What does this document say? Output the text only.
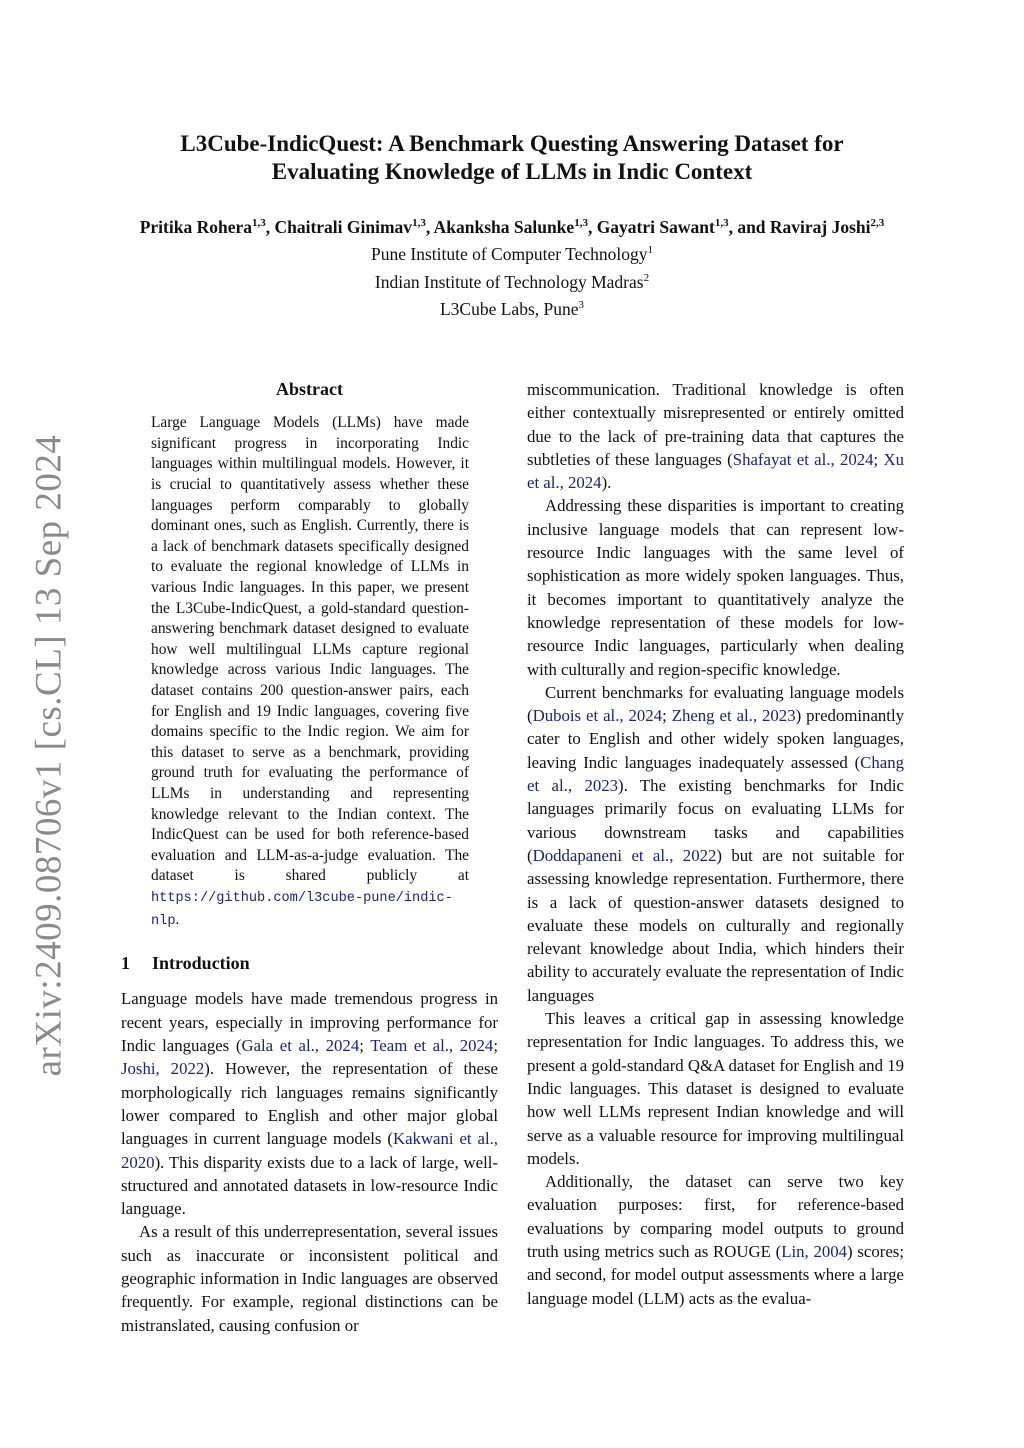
arXiv:2409.08706v1 [cs.CL] 13 Sep 2024
L3Cube-IndicQuest: A Benchmark Questing Answering Dataset for
Evaluating Knowledge of LLMs in Indic Context
Pritika Rohera$^{1,3}$, Chaitrali Ginimav$^{1,3}$, Akanksha Salunke$^{1,3}$, Gayatri Sawant$^{1,3}$, and Raviraj Joshi$^{2,3}$
Pune Institute of Computer Technology$^1$
Indian Institute of Technology Madras$^2$
L3Cube Labs, Pune$^3$
Abstract

Large Language Models (LLMs) have made significant progress in incorporating Indic languages within multilingual models. However, it is crucial to quantitatively assess whether these languages perform comparably to globally dominant ones, such as English. Currently, there is a lack of benchmark datasets specifically designed to evaluate the regional knowledge of LLMs in various Indic languages. In this paper, we present the L3Cube-IndicQuest, a gold-standard question-answering benchmark dataset designed to evaluate how well multilingual LLMs capture regional knowledge across various Indic languages. The dataset contains 200 question-answer pairs, each for English and 19 Indic languages, covering five domains specific to the Indic region. We aim for this dataset to serve as a benchmark, providing ground truth for evaluating the performance of LLMs in understanding and representing knowledge relevant to the Indian context. The IndicQuest can be used for both reference-based evaluation and LLM-as-a-judge evaluation. The dataset is shared publicly at https://github.com/l3cube-pune/indic-nlp.

1 Introduction

Language models have made tremendous progress in recent years, especially in improving performance for Indic languages (Gala et al., 2024; Team et al., 2024; Joshi, 2022). However, the representation of these morphologically rich languages remains significantly lower compared to English and other major global languages in current language models (Kakwani et al., 2020). This disparity exists due to a lack of large, well-structured and annotated datasets in low-resource Indic language.

As a result of this underrepresentation, several issues such as inaccurate or inconsistent political and geographic information in Indic languages are observed frequently. For example, regional distinctions can be mistranslated, causing confusion or

miscommunication. Traditional knowledge is often either contextually misrepresented or entirely omitted due to the lack of pre-training data that captures the subtleties of these languages (Shafayat et al., 2024; Xu et al., 2024).

Addressing these disparities is important to creating inclusive language models that can represent low-resource Indic languages with the same level of sophistication as more widely spoken languages. Thus, it becomes important to quantitatively analyze the knowledge representation of these models for low-resource Indic languages, particularly when dealing with culturally and region-specific knowledge.

Current benchmarks for evaluating language models (Dubois et al., 2024; Zheng et al., 2023) predominantly cater to English and other widely spoken languages, leaving Indic languages inadequately assessed (Chang et al., 2023). The existing benchmarks for Indic languages primarily focus on evaluating LLMs for various downstream tasks and capabilities (Doddapaneni et al., 2022) but are not suitable for assessing knowledge representation. Furthermore, there is a lack of question-answer datasets designed to evaluate these models on culturally and regionally relevant knowledge about India, which hinders their ability to accurately evaluate the representation of Indic languages

This leaves a critical gap in assessing knowledge representation for Indic languages. To address this, we present a gold-standard Q&A dataset for English and 19 Indic languages. This dataset is designed to evaluate how well LLMs represent Indian knowledge and will serve as a valuable resource for improving multilingual models.

Additionally, the dataset can serve two key evaluation purposes: first, for reference-based evaluations by comparing model outputs to ground truth using metrics such as ROUGE (Lin, 2004) scores; and second, for model output assessments where a large language model (LLM) acts as the evalua-
